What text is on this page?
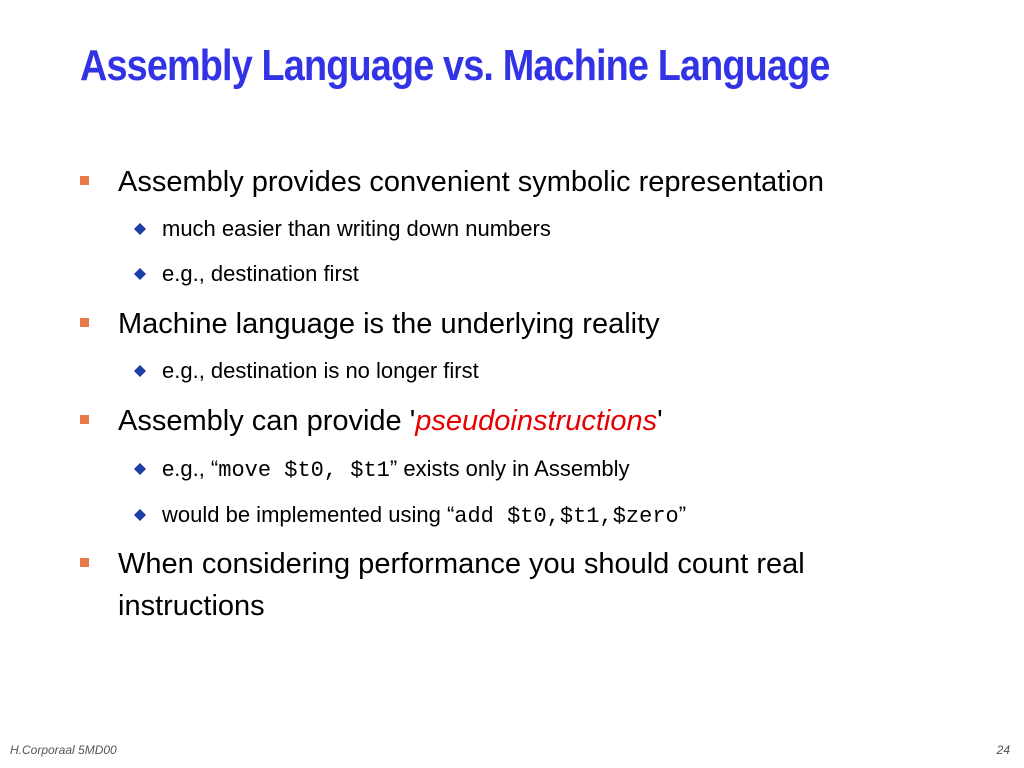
Assembly Language vs. Machine Language
Assembly provides convenient symbolic representation
much easier than writing down numbers
e.g., destination first
Machine language is the underlying reality
e.g., destination is no longer first
Assembly can provide 'pseudoinstructions'
e.g., “move $t0, $t1” exists only in Assembly
would be implemented using “add $t0,$t1,$zero”
When considering performance you should count real instructions
H.Corporaal 5MD00	24
